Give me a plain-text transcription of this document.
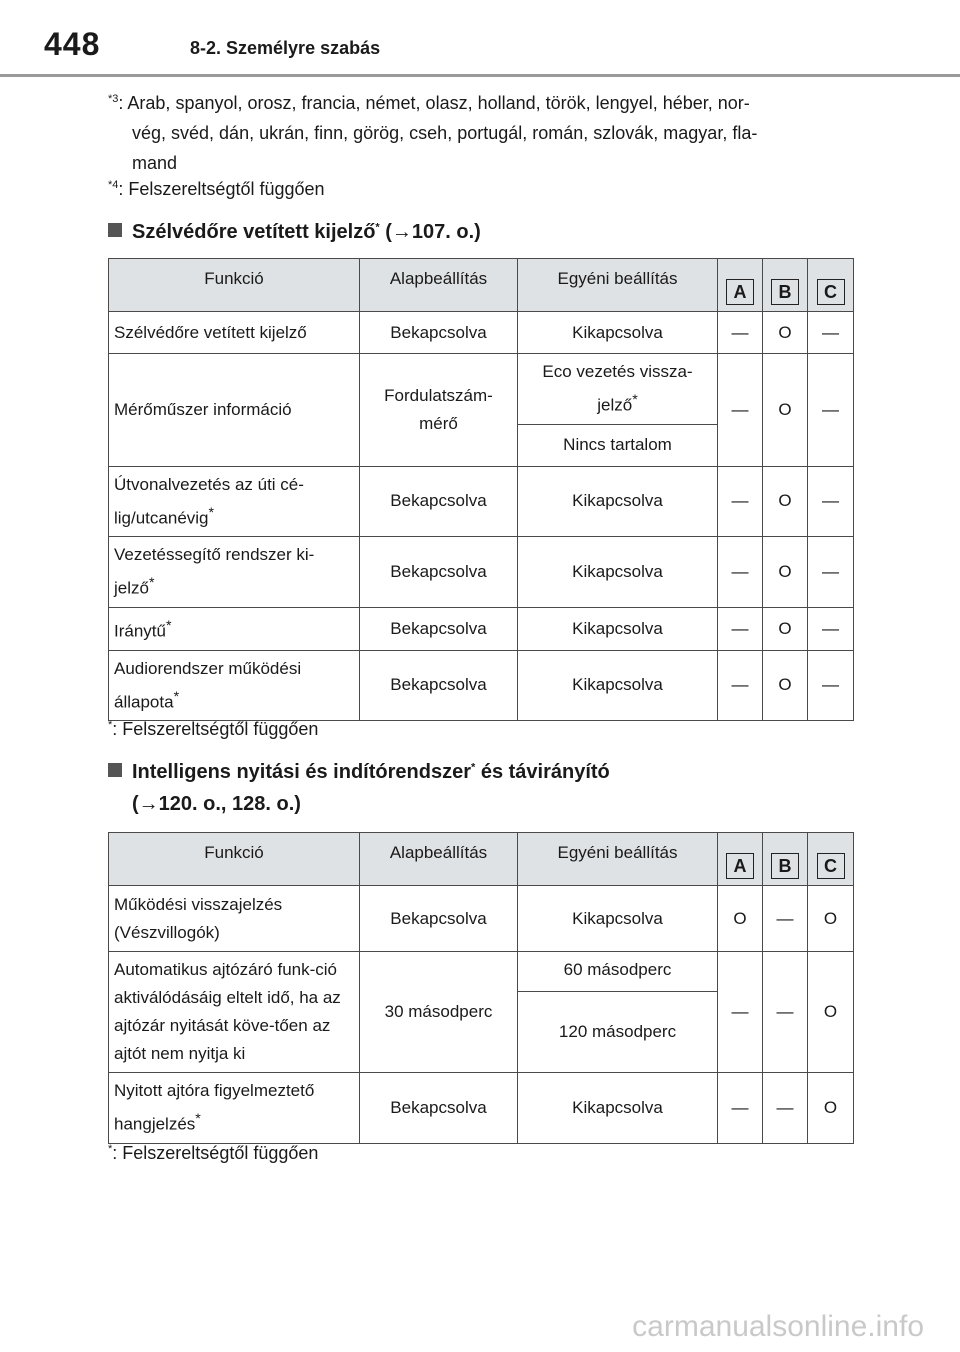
448	8-2. Személyre szabás
$^{*3}$: Arab, spanyol, orosz, francia, német, olasz, holland, török, lengyel, héber, nor-
vég, svéd, dán, ukrán, finn, görög, cseh, portugál, román, szlovák, magyar, fla-
mand
$^{*4}$: Felszereltségtől függően
Szélvédőre vetített kijelző* (→107. o.)
Funkció	Alapbeállítás	Egyéni beállítás	A	B	C
Szélvédőre vetített kijelző	Bekapcsolva	Kikapcsolva	—	O	—
Mérőműszer információ	Fordulatszám-mérő	Eco vezetés vissza-jelző*	—	O	—
		Nincs tartalom			
Útvonalvezetés az úti cé-lig/utcanévig*	Bekapcsolva	Kikapcsolva	—	O	—
Vezetéssegítő rendszer ki-jelző*	Bekapcsolva	Kikapcsolva	—	O	—
Iránytű*	Bekapcsolva	Kikapcsolva	—	O	—
Audiorendszer működési állapota*	Bekapcsolva	Kikapcsolva	—	O	—
*: Felszereltségtől függően
Intelligens nyitási és indítórendszer* és távirányító
(→120. o., 128. o.)
Funkció	Alapbeállítás	Egyéni beállítás	A	B	C
Működési visszajelzés (Vészvillogók)	Bekapcsolva	Kikapcsolva	O	—	O
Automatikus ajtózáró funk-ció aktiválódásáig eltelt idő, ha az ajtózár nyitását köve-tően az ajtót nem nyitja ki	30 másodperc	60 másodperc	—	—	O
		120 másodperc			
Nyitott ajtóra figyelmeztető hangjelzés*	Bekapcsolva	Kikapcsolva	—	—	O
*: Felszereltségtől függően
carmanualsonline.info
